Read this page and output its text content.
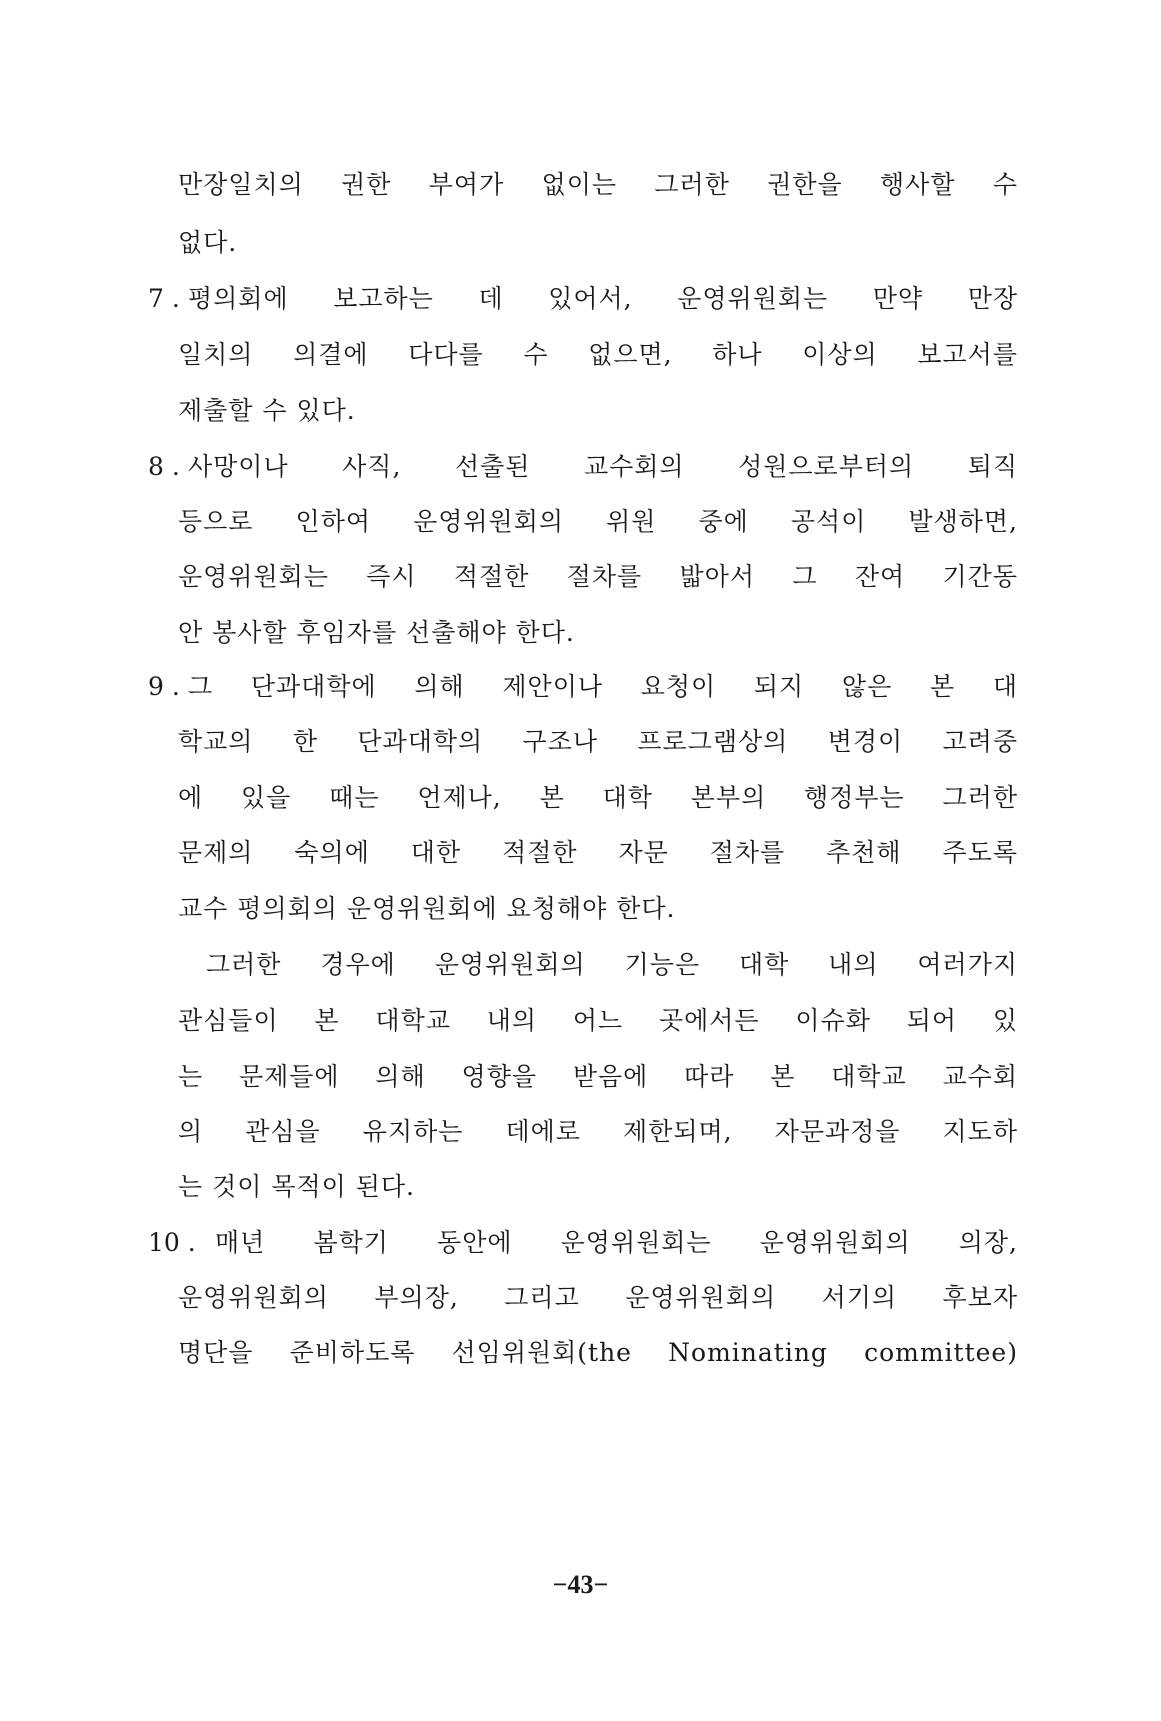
만장일치의 권한 부여가 없이는 그러한 권한을 행사할 수
없다.
7 . 평의회에 보고하는 데 있어서, 운영위원회는 만약 만장
일치의 의결에 다다를 수 없으면, 하나 이상의 보고서를
제출할 수 있다.
8 . 사망이나 사직, 선출된 교수회의 성원으로부터의 퇴직
등으로 인하여 운영위원회의 위원 중에 공석이 발생하면,
운영위원회는 즉시 적절한 절차를 밟아서 그 잔여 기간동
안 봉사할 후임자를 선출해야 한다.
9 . 그 단과대학에 의해 제안이나 요청이 되지 않은 본 대
학교의 한 단과대학의 구조나 프로그램상의 변경이 고려중
에 있을 때는 언제나, 본 대학 본부의 행정부는 그러한
문제의 숙의에 대한 적절한 자문 절차를 추천해 주도록
교수 평의회의 운영위원회에 요청해야 한다.
그러한 경우에 운영위원회의 기능은 대학 내의 여러가지
관심들이 본 대학교 내의 어느 곳에서든 이슈화 되어 있
는 문제들에 의해 영향을 받음에 따라 본 대학교 교수회
의 관심을 유지하는 데에로 제한되며, 자문과정을 지도하
는 것이 목적이 된다.
10 . 매년 봄학기 동안에 운영위원회는 운영위원회의 의장,
운영위원회의 부의장, 그리고 운영위원회의 서기의 후보자
명단을 준비하도록 선임위원회(the Nominating committee)
−43−
